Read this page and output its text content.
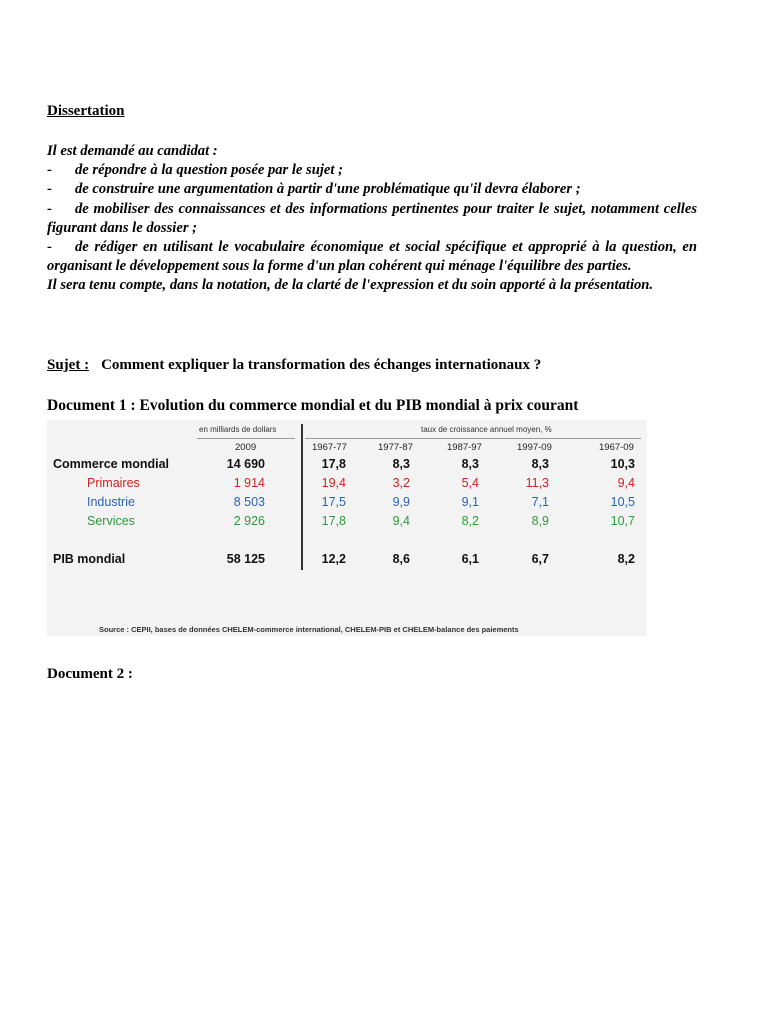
Dissertation

Il est demandé au candidat :

- de répondre à la question posée par le sujet ;

- de construire une argumentation à partir d'une problématique qu'il devra élaborer ;

- de mobiliser des connaissances et des informations pertinentes pour traiter le sujet, notamment celles figurant dans le dossier ;

- de rédiger en utilisant le vocabulaire économique et social spécifique et approprié à la question, en organisant le développement sous la forme d'un plan cohérent qui ménage l'équilibre des parties.

Il sera tenu compte, dans la notation, de la clarté de l'expression et du soin apporté à la présentation.

Sujet : Comment expliquer la transformation des échanges internationaux ?
Document 1 : Evolution du commerce mondial et du PIB mondial à prix courant
Document 2 :
en milliards de dollars	taux de croissance annuel moyen, %
2009	1967-77	1977-87	1987-97	1997-09	1967-09
Commerce mondial	14 690	17,8	8,3	8,3	8,3	10,3
Primaires	1 914	19,4	3,2	5,4	11,3	9,4
Industrie	8 503	17,5	9,9	9,1	7,1	10,5
Services	2 926	17,8	9,4	8,2	8,9	10,7
PIB mondial	58 125	12,2	8,6	6,1	6,7	8,2
Source : CEPII, bases de données CHELEM-commerce international, CHELEM-PIB et CHELEM-balance des paiements
